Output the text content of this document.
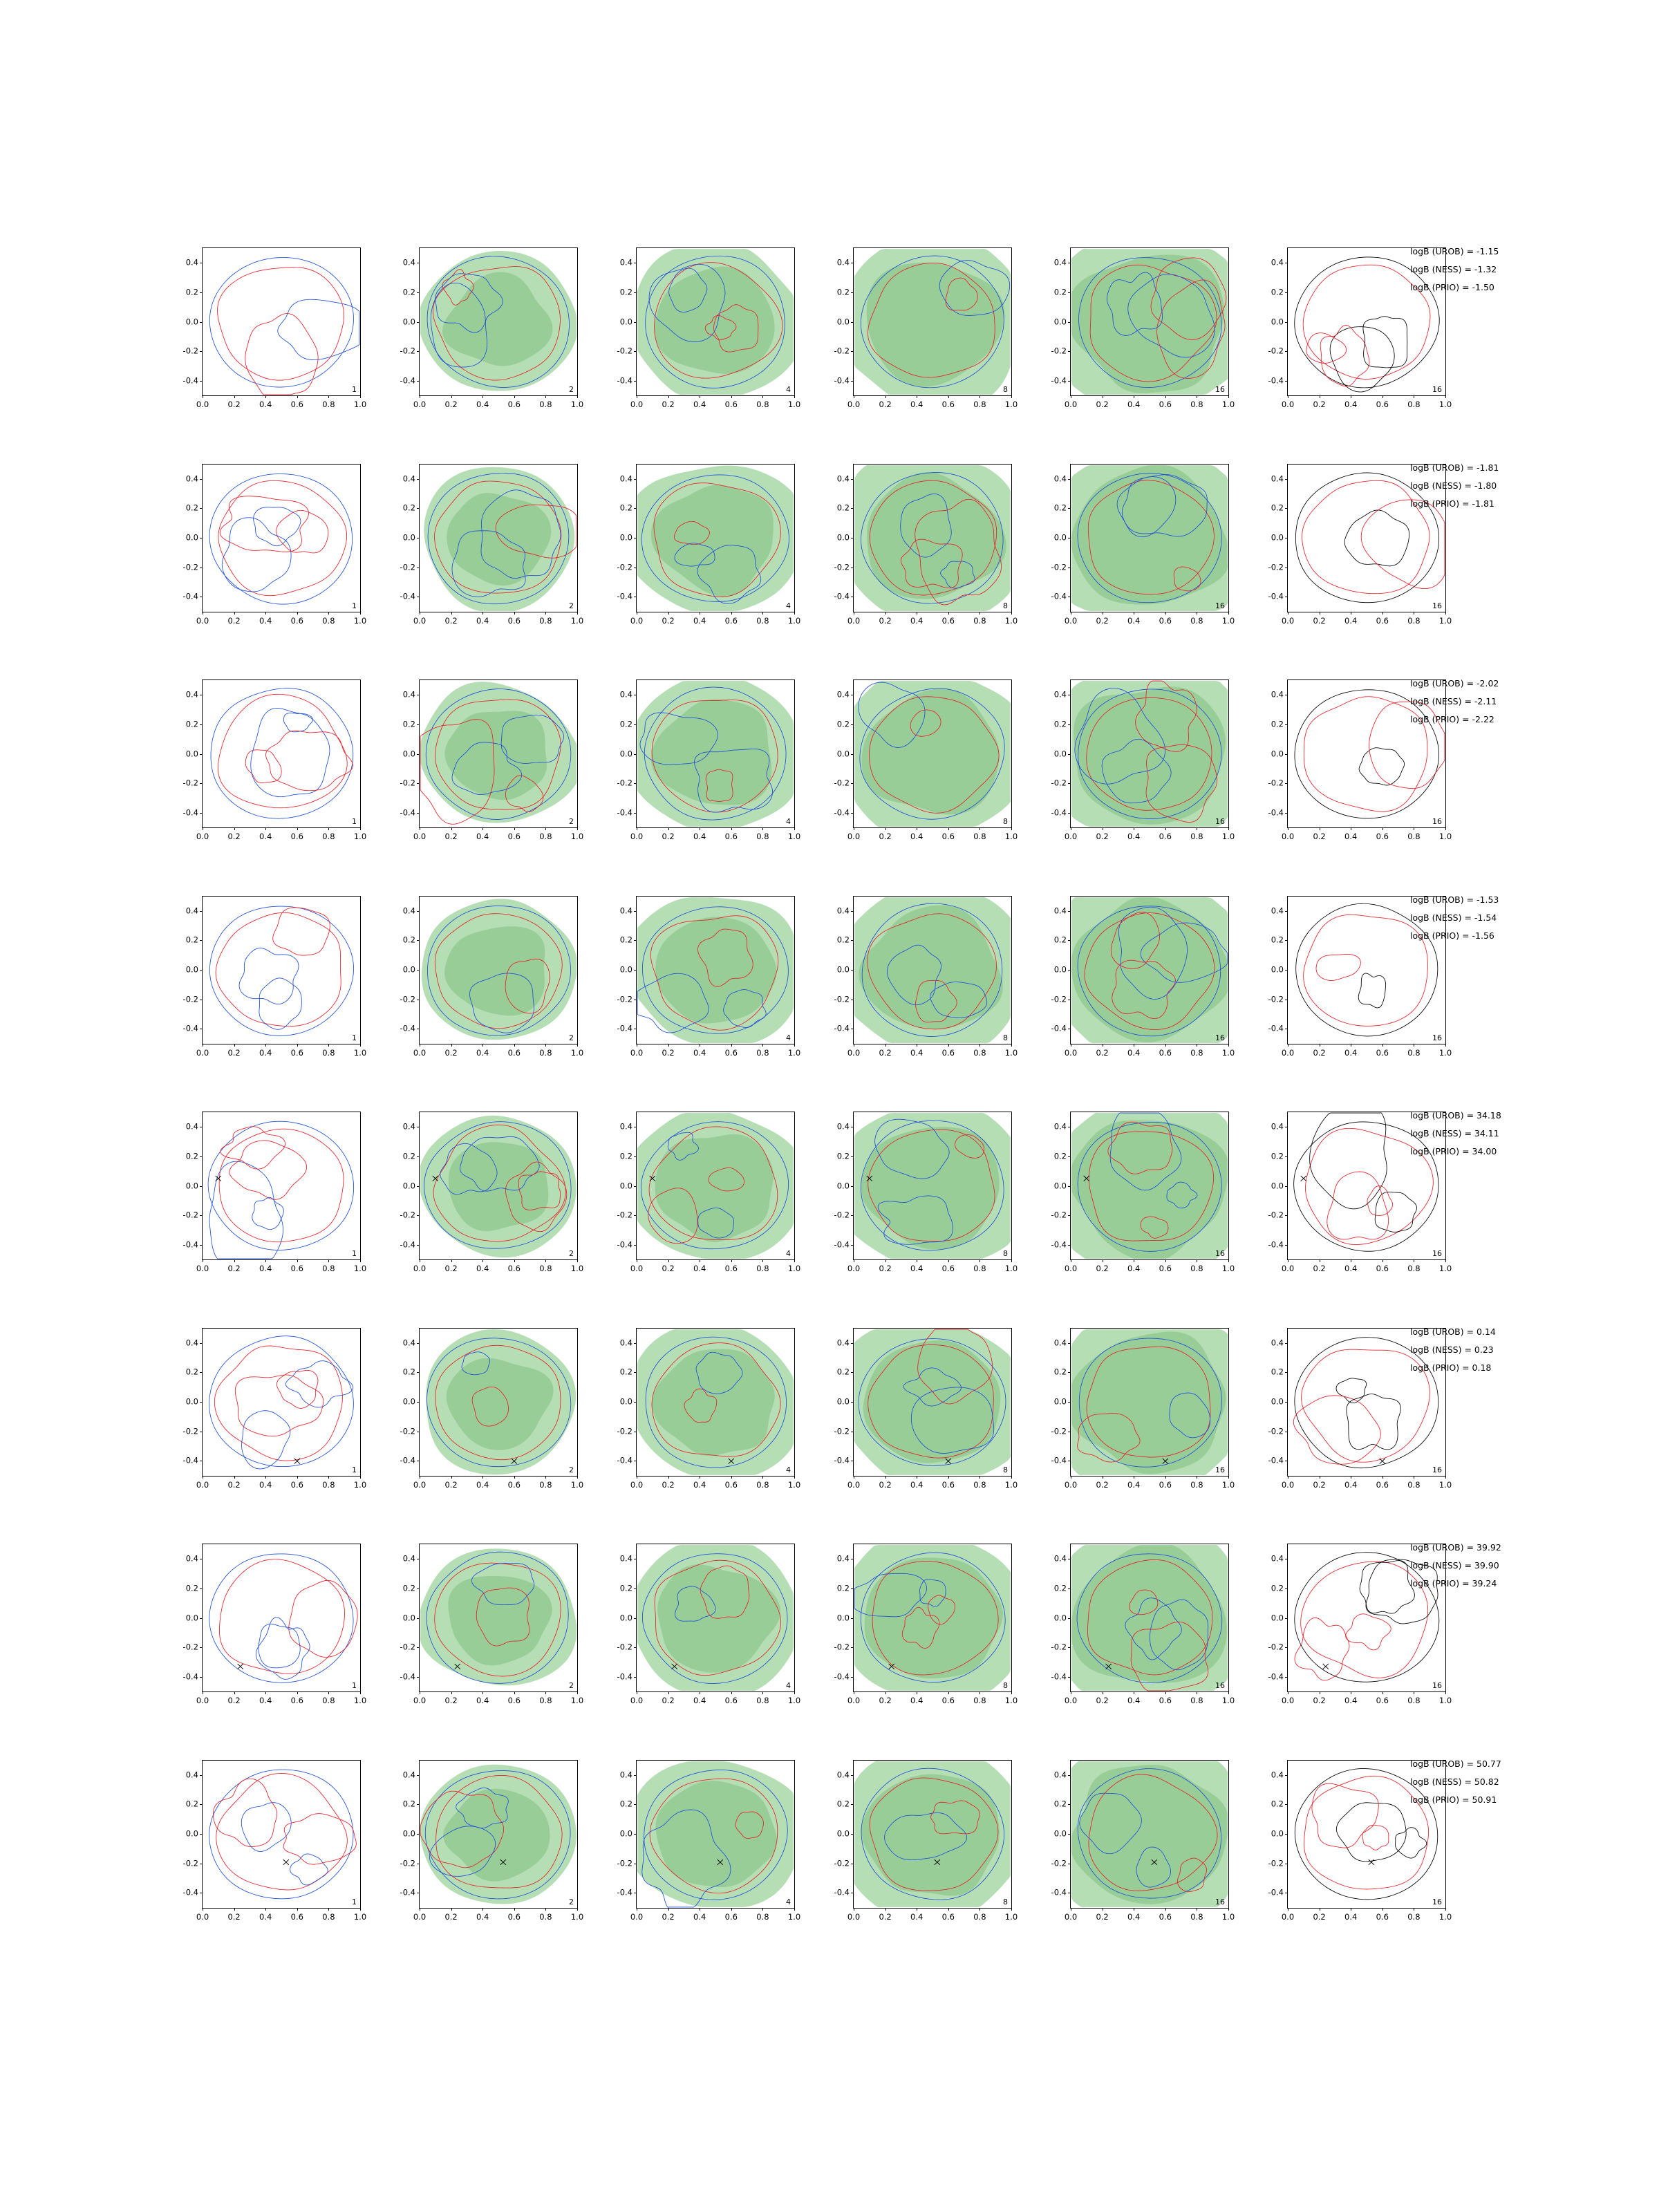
-0.4
-0.2
0.0
0.2
0.4
0.0 0.2 0.4 0.6 0.8 1.0
1
-0.4
-0.2
0.0
0.2
0.4
0.0 0.2 0.4 0.6 0.8 1.0
2
-0.4
-0.2
0.0
0.2
0.4
0.0 0.2 0.4 0.6 0.8 1.0
4
-0.4
-0.2
0.0
0.2
0.4
0.0 0.2 0.4 0.6 0.8 1.0
8
-0.4
-0.2
0.0
0.2
0.4
0.0 0.2 0.4 0.6 0.8 1.0
16
-0.4
-0.2
0.0
0.2
0.4
0.0 0.2 0.4 0.6 0.8 1.0
16
logB (UROB) = -1.15
logB (NESS) = -1.32
logB (PRIO) = -1.50
-0.4
-0.2
0.0
0.2
0.4
0.0 0.2 0.4 0.6 0.8 1.0
1
-0.4
-0.2
0.0
0.2
0.4
0.0 0.2 0.4 0.6 0.8 1.0
2
-0.4
-0.2
0.0
0.2
0.4
0.0 0.2 0.4 0.6 0.8 1.0
4
-0.4
-0.2
0.0
0.2
0.4
0.0 0.2 0.4 0.6 0.8 1.0
8
-0.4
-0.2
0.0
0.2
0.4
0.0 0.2 0.4 0.6 0.8 1.0
16
-0.4
-0.2
0.0
0.2
0.4
0.0 0.2 0.4 0.6 0.8 1.0
16
logB (UROB) = -1.81
logB (NESS) = -1.80
logB (PRIO) = -1.81
-0.4
-0.2
0.0
0.2
0.4
0.0 0.2 0.4 0.6 0.8 1.0
1
-0.4
-0.2
0.0
0.2
0.4
0.0 0.2 0.4 0.6 0.8 1.0
2
-0.4
-0.2
0.0
0.2
0.4
0.0 0.2 0.4 0.6 0.8 1.0
4
-0.4
-0.2
0.0
0.2
0.4
0.0 0.2 0.4 0.6 0.8 1.0
8
-0.4
-0.2
0.0
0.2
0.4
0.0 0.2 0.4 0.6 0.8 1.0
16
-0.4
-0.2
0.0
0.2
0.4
0.0 0.2 0.4 0.6 0.8 1.0
16
logB (UROB) = -2.02
logB (NESS) = -2.11
logB (PRIO) = -2.22
-0.4
-0.2
0.0
0.2
0.4
0.0 0.2 0.4 0.6 0.8 1.0
1
-0.4
-0.2
0.0
0.2
0.4
0.0 0.2 0.4 0.6 0.8 1.0
2
-0.4
-0.2
0.0
0.2
0.4
0.0 0.2 0.4 0.6 0.8 1.0
4
-0.4
-0.2
0.0
0.2
0.4
0.0 0.2 0.4 0.6 0.8 1.0
8
-0.4
-0.2
0.0
0.2
0.4
0.0 0.2 0.4 0.6 0.8 1.0
16
-0.4
-0.2
0.0
0.2
0.4
0.0 0.2 0.4 0.6 0.8 1.0
16
logB (UROB) = -1.53
logB (NESS) = -1.54
logB (PRIO) = -1.56
-0.4
-0.2
0.0
0.2
0.4
0.0 0.2 0.4 0.6 0.8 1.0
1
-0.4
-0.2
0.0
0.2
0.4
0.0 0.2 0.4 0.6 0.8 1.0
2
-0.4
-0.2
0.0
0.2
0.4
0.0 0.2 0.4 0.6 0.8 1.0
4
-0.4
-0.2
0.0
0.2
0.4
0.0 0.2 0.4 0.6 0.8 1.0
8
-0.4
-0.2
0.0
0.2
0.4
0.0 0.2 0.4 0.6 0.8 1.0
16
-0.4
-0.2
0.0
0.2
0.4
0.0 0.2 0.4 0.6 0.8 1.0
16
logB (UROB) = 34.18
logB (NESS) = 34.11
logB (PRIO) = 34.00
-0.4
-0.2
0.0
0.2
0.4
0.0 0.2 0.4 0.6 0.8 1.0
1
-0.4
-0.2
0.0
0.2
0.4
0.0 0.2 0.4 0.6 0.8 1.0
2
-0.4
-0.2
0.0
0.2
0.4
0.0 0.2 0.4 0.6 0.8 1.0
4
-0.4
-0.2
0.0
0.2
0.4
0.0 0.2 0.4 0.6 0.8 1.0
8
-0.4
-0.2
0.0
0.2
0.4
0.0 0.2 0.4 0.6 0.8 1.0
16
-0.4
-0.2
0.0
0.2
0.4
0.0 0.2 0.4 0.6 0.8 1.0
16
logB (UROB) = 0.14
logB (NESS) = 0.23
logB (PRIO) = 0.18
-0.4
-0.2
0.0
0.2
0.4
0.0 0.2 0.4 0.6 0.8 1.0
1
-0.4
-0.2
0.0
0.2
0.4
0.0 0.2 0.4 0.6 0.8 1.0
2
-0.4
-0.2
0.0
0.2
0.4
0.0 0.2 0.4 0.6 0.8 1.0
4
-0.4
-0.2
0.0
0.2
0.4
0.0 0.2 0.4 0.6 0.8 1.0
8
-0.4
-0.2
0.0
0.2
0.4
0.0 0.2 0.4 0.6 0.8 1.0
16
-0.4
-0.2
0.0
0.2
0.4
0.0 0.2 0.4 0.6 0.8 1.0
16
logB (UROB) = 39.92
logB (NESS) = 39.90
logB (PRIO) = 39.24
-0.4
-0.2
0.0
0.2
0.4
0.0 0.2 0.4 0.6 0.8 1.0
1
-0.4
-0.2
0.0
0.2
0.4
0.0 0.2 0.4 0.6 0.8 1.0
2
-0.4
-0.2
0.0
0.2
0.4
0.0 0.2 0.4 0.6 0.8 1.0
4
-0.4
-0.2
0.0
0.2
0.4
0.0 0.2 0.4 0.6 0.8 1.0
8
-0.4
-0.2
0.0
0.2
0.4
0.0 0.2 0.4 0.6 0.8 1.0
16
-0.4
-0.2
0.0
0.2
0.4
0.0 0.2 0.4 0.6 0.8 1.0
16
logB (UROB) = 50.77
logB (NESS) = 50.82
logB (PRIO) = 50.91
